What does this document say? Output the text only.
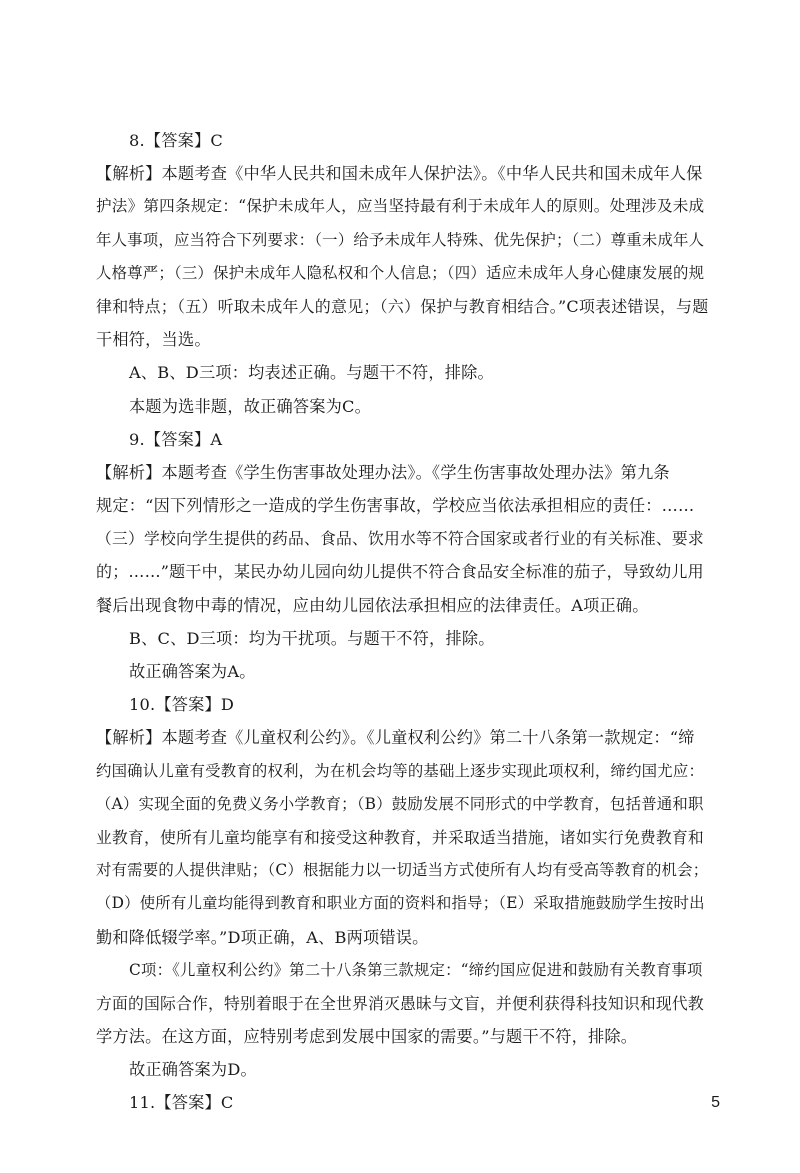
8.【答案】C
【解析】本题考查《中华人民共和国未成年人保护法》。《中华人民共和国未成年人保
护法》第四条规定：“保护未成年人，应当坚持最有利于未成年人的原则。处理涉及未成
年人事项，应当符合下列要求：（一）给予未成年人特殊、优先保护；（二）尊重未成年人
人格尊严；（三）保护未成年人隐私权和个人信息；（四）适应未成年人身心健康发展的规
律和特点；（五）听取未成年人的意见；（六）保护与教育相结合。”C项表述错误，与题
干相符，当选。
A、B、D三项：均表述正确。与题干不符，排除。
本题为选非题，故正确答案为C。
9.【答案】A
【解析】本题考查《学生伤害事故处理办法》。《学生伤害事故处理办法》第九条
规定：“因下列情形之一造成的学生伤害事故，学校应当依法承担相应的责任：……
（三）学校向学生提供的药品、食品、饮用水等不符合国家或者行业的有关标准、要求
的；……”题干中，某民办幼儿园向幼儿提供不符合食品安全标准的茄子，导致幼儿用
餐后出现食物中毒的情况，应由幼儿园依法承担相应的法律责任。A项正确。
B、C、D三项：均为干扰项。与题干不符，排除。
故正确答案为A。
10.【答案】D
【解析】本题考查《儿童权利公约》。《儿童权利公约》第二十八条第一款规定：“缔
约国确认儿童有受教育的权利，为在机会均等的基础上逐步实现此项权利，缔约国尤应：
（A）实现全面的免费义务小学教育；（B）鼓励发展不同形式的中学教育，包括普通和职
业教育，使所有儿童均能享有和接受这种教育，并采取适当措施，诸如实行免费教育和
对有需要的人提供津贴；（C）根据能力以一切适当方式使所有人均有受高等教育的机会；
（D）使所有儿童均能得到教育和职业方面的资料和指导；（E）采取措施鼓励学生按时出
勤和降低辍学率。”D项正确，A、B两项错误。
C项：《儿童权利公约》第二十八条第三款规定：“缔约国应促进和鼓励有关教育事项
方面的国际合作，特别着眼于在全世界消灭愚昧与文盲，并便利获得科技知识和现代教
学方法。在这方面，应特别考虑到发展中国家的需要。”与题干不符，排除。
故正确答案为D。
11.【答案】C	5
